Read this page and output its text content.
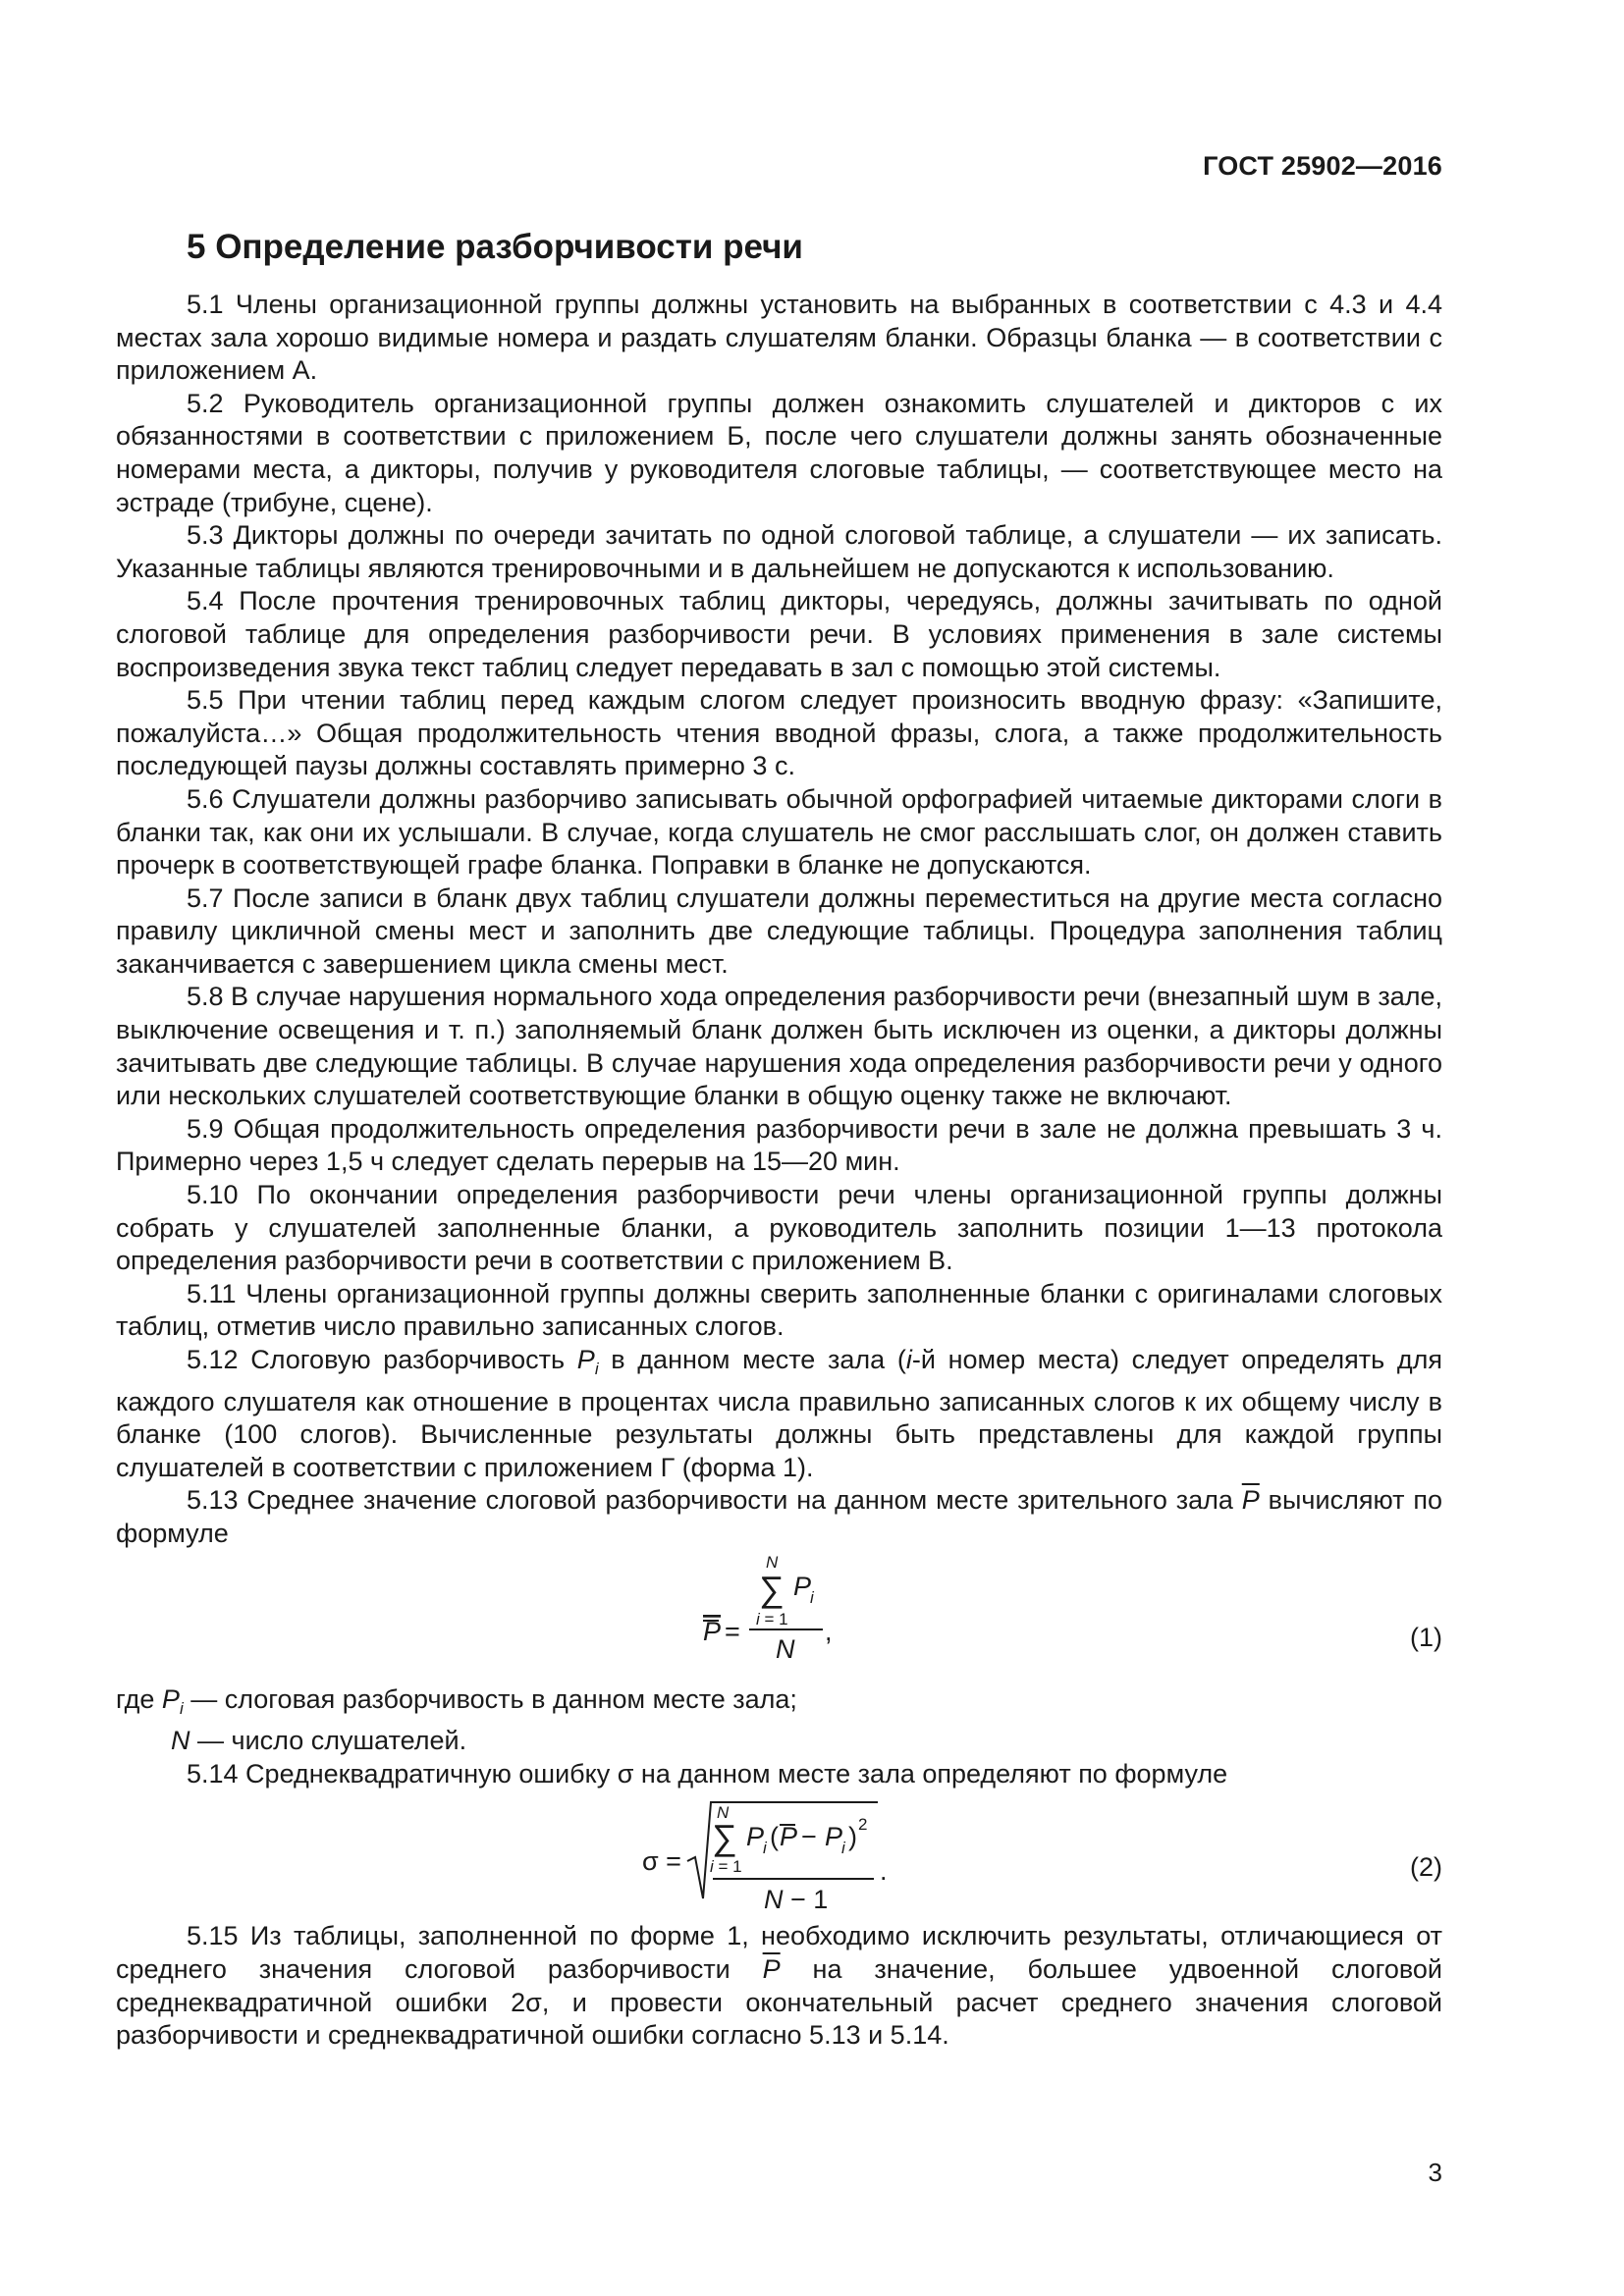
ГОСТ 25902—2016
5 Определение разборчивости речи

5.1 Члены организационной группы должны установить на выбранных в соответствии с 4.3 и 4.4 местах зала хорошо видимые номера и раздать слушателям бланки. Образцы бланка — в соответствии с приложением А.

5.2 Руководитель организационной группы должен ознакомить слушателей и дикторов с их обязанностями в соответствии с приложением Б, после чего слушатели должны занять обозначенные номерами места, а дикторы, получив у руководителя слоговые таблицы, — соответствующее место на эстраде (трибуне, сцене).

5.3 Дикторы должны по очереди зачитать по одной слоговой таблице, а слушатели — их записать. Указанные таблицы являются тренировочными и в дальнейшем не допускаются к использованию.

5.4 После прочтения тренировочных таблиц дикторы, чередуясь, должны зачитывать по одной слоговой таблице для определения разборчивости речи. В условиях применения в зале системы воспроизведения звука текст таблиц следует передавать в зал с помощью этой системы.

5.5 При чтении таблиц перед каждым слогом следует произносить вводную фразу: «Запишите, пожалуйста…» Общая продолжительность чтения вводной фразы, слога, а также продолжительность последующей паузы должны составлять примерно 3 с.

5.6 Слушатели должны разборчиво записывать обычной орфографией читаемые дикторами слоги в бланки так, как они их услышали. В случае, когда слушатель не смог расслышать слог, он должен ставить прочерк в соответствующей графе бланка. Поправки в бланке не допускаются.

5.7 После записи в бланк двух таблиц слушатели должны переместиться на другие места согласно правилу цикличной смены мест и заполнить две следующие таблицы. Процедура заполнения таблиц заканчивается с завершением цикла смены мест.

5.8 В случае нарушения нормального хода определения разборчивости речи (внезапный шум в зале, выключение освещения и т. п.) заполняемый бланк должен быть исключен из оценки, а дикторы должны зачитывать две следующие таблицы. В случае нарушения хода определения разборчивости речи у одного или нескольких слушателей соответствующие бланки в общую оценку также не включают.

5.9 Общая продолжительность определения разборчивости речи в зале не должна превышать 3 ч. Примерно через 1,5 ч следует сделать перерыв на 15—20 мин.

5.10 По окончании определения разборчивости речи члены организационной группы должны собрать у слушателей заполненные бланки, а руководитель заполнить позиции 1—13 протокола определения разборчивости речи в соответствии с приложением В.

5.11 Члены организационной группы должны сверить заполненные бланки с оригиналами слоговых таблиц, отметив число правильно записанных слогов.

5.12 Слоговую разборчивость $P_i$ в данном месте зала (i-й номер места) следует определять для каждого слушателя как отношение в процентах числа правильно записанных слогов к их общему числу в бланке (100 слогов). Вычисленные результаты должны быть представлены для каждой группы слушателей в соответствии с приложением Г (форма 1).

5.13 Среднее значение слоговой разборчивости на данном месте зрительного зала $\overline{P}$ вычисляют по формуле

N
∑ P
i
i = 1
N
P =	,	(1)

где $P_i$ — слоговая разборчивость в данном месте зала;

N — число слушателей.

5.14 Среднеквадратичную ошибку σ на данном месте зала определяют по формуле

σ =
N
∑
i = 1
P
i ( P − P
i ) 2
N − 1
.	(2)

5.15 Из таблицы, заполненной по форме 1, необходимо исключить результаты, отличающиеся от среднего значения слоговой разборчивости $\overline{P}$ на значение, большее удвоенной слоговой среднеквадратичной ошибки 2σ, и провести окончательный расчет среднего значения слоговой разборчивости и среднеквадратичной ошибки согласно 5.13 и 5.14.

3
